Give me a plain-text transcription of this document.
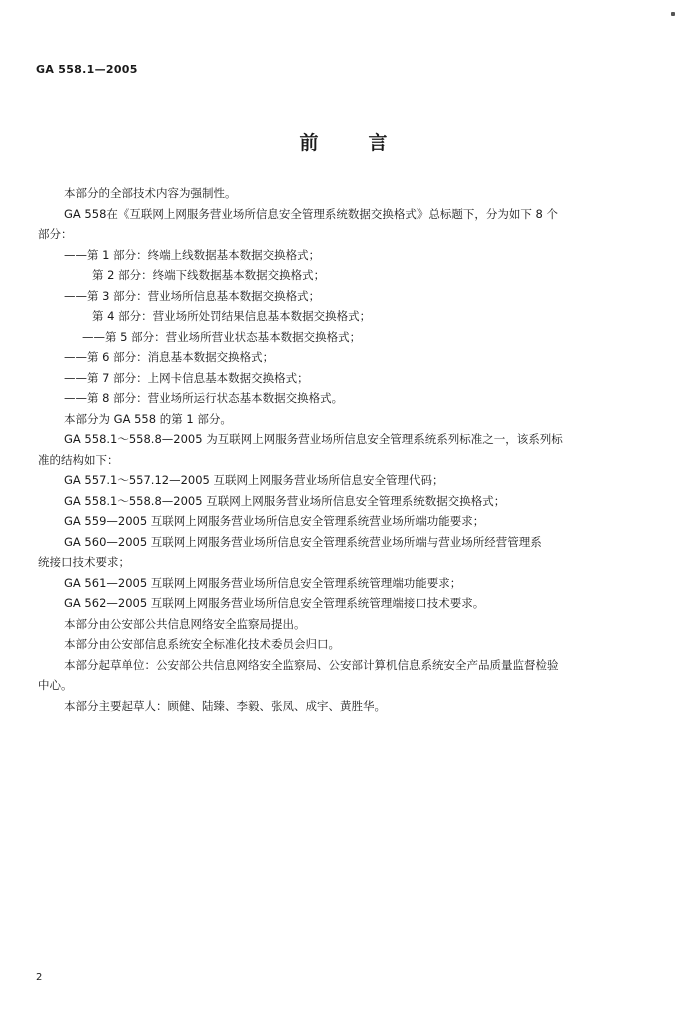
GA 558.1—2005
前言
本部分的全部技术内容为强制性。
GA 558在《互联网上网服务营业场所信息安全管理系统数据交换格式》总标题下，分为如下 8 个
部分：
——第 1 部分：终端上线数据基本数据交换格式；
第 2 部分：终端下线数据基本数据交换格式；
——第 3 部分：营业场所信息基本数据交换格式；
第 4 部分：营业场所处罚结果信息基本数据交换格式；
——第 5 部分：营业场所营业状态基本数据交换格式；
——第 6 部分：消息基本数据交换格式；
——第 7 部分：上网卡信息基本数据交换格式；
——第 8 部分：营业场所运行状态基本数据交换格式。
本部分为 GA 558 的第 1 部分。
GA 558.1～558.8—2005 为互联网上网服务营业场所信息安全管理系统系列标准之一，该系列标
准的结构如下：
GA 557.1～557.12—2005 互联网上网服务营业场所信息安全管理代码；
GA 558.1～558.8—2005 互联网上网服务营业场所信息安全管理系统数据交换格式；
GA 559—2005 互联网上网服务营业场所信息安全管理系统营业场所端功能要求；
GA 560—2005 互联网上网服务营业场所信息安全管理系统营业场所端与营业场所经营管理系
统接口技术要求；
GA 561—2005 互联网上网服务营业场所信息安全管理系统管理端功能要求；
GA 562—2005 互联网上网服务营业场所信息安全管理系统管理端接口技术要求。
本部分由公安部公共信息网络安全监察局提出。
本部分由公安部信息系统安全标准化技术委员会归口。
本部分起草单位：公安部公共信息网络安全监察局、公安部计算机信息系统安全产品质量监督检验
中心。
本部分主要起草人：顾健、陆臻、李毅、张凤、成宇、黄胜华。
2
